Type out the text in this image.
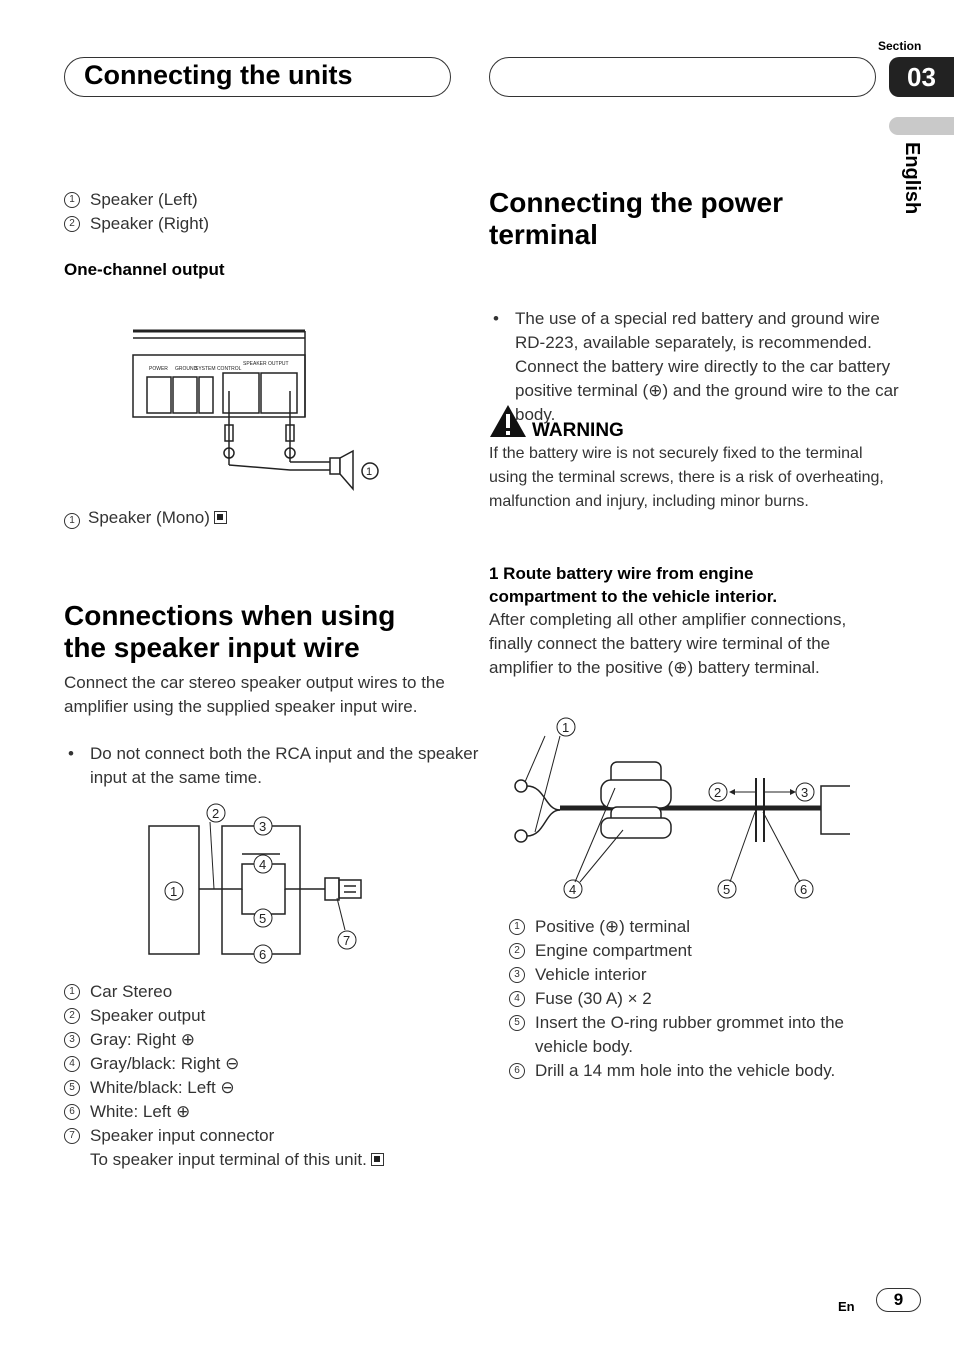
Connecting the units
Section
03
English
1 Speaker (Left)
2 Speaker (Right)
One-channel output
POWER GROUND
SYSTEM CONTROL
SPEAKER OUTPUT
1
1 Speaker (Mono)
Connections when using the speaker input wire
Connect the car stereo speaker output wires to the amplifier using the supplied speaker input wire.
• Do not connect both the RCA input and the speaker input at the same time.
1
2
3
4
5
6
7
1 Car Stereo
2 Speaker output
3 Gray: Right ⊕
4 Gray/black: Right ⊖
5 White/black: Left ⊖
6 White: Left ⊕
7 Speaker input connector
To speaker input terminal of this unit.
Connecting the power terminal
• The use of a special red battery and ground wire RD-223, available separately, is recommended. Connect the battery wire directly to the car battery positive terminal (⊕) and the ground wire to the car body.
WARNING
If the battery wire is not securely fixed to the terminal using the terminal screws, there is a risk of overheating, malfunction and injury, including minor burns.
1 Route battery wire from engine compartment to the vehicle interior.
After completing all other amplifier connections, finally connect the battery wire terminal of the amplifier to the positive (⊕) battery terminal.
1
2	3
4	5	6
1 Positive (⊕) terminal
2 Engine compartment
3 Vehicle interior
4 Fuse (30 A) × 2
5 Insert the O-ring rubber grommet into the vehicle body.
6 Drill a 14 mm hole into the vehicle body.
En	9
